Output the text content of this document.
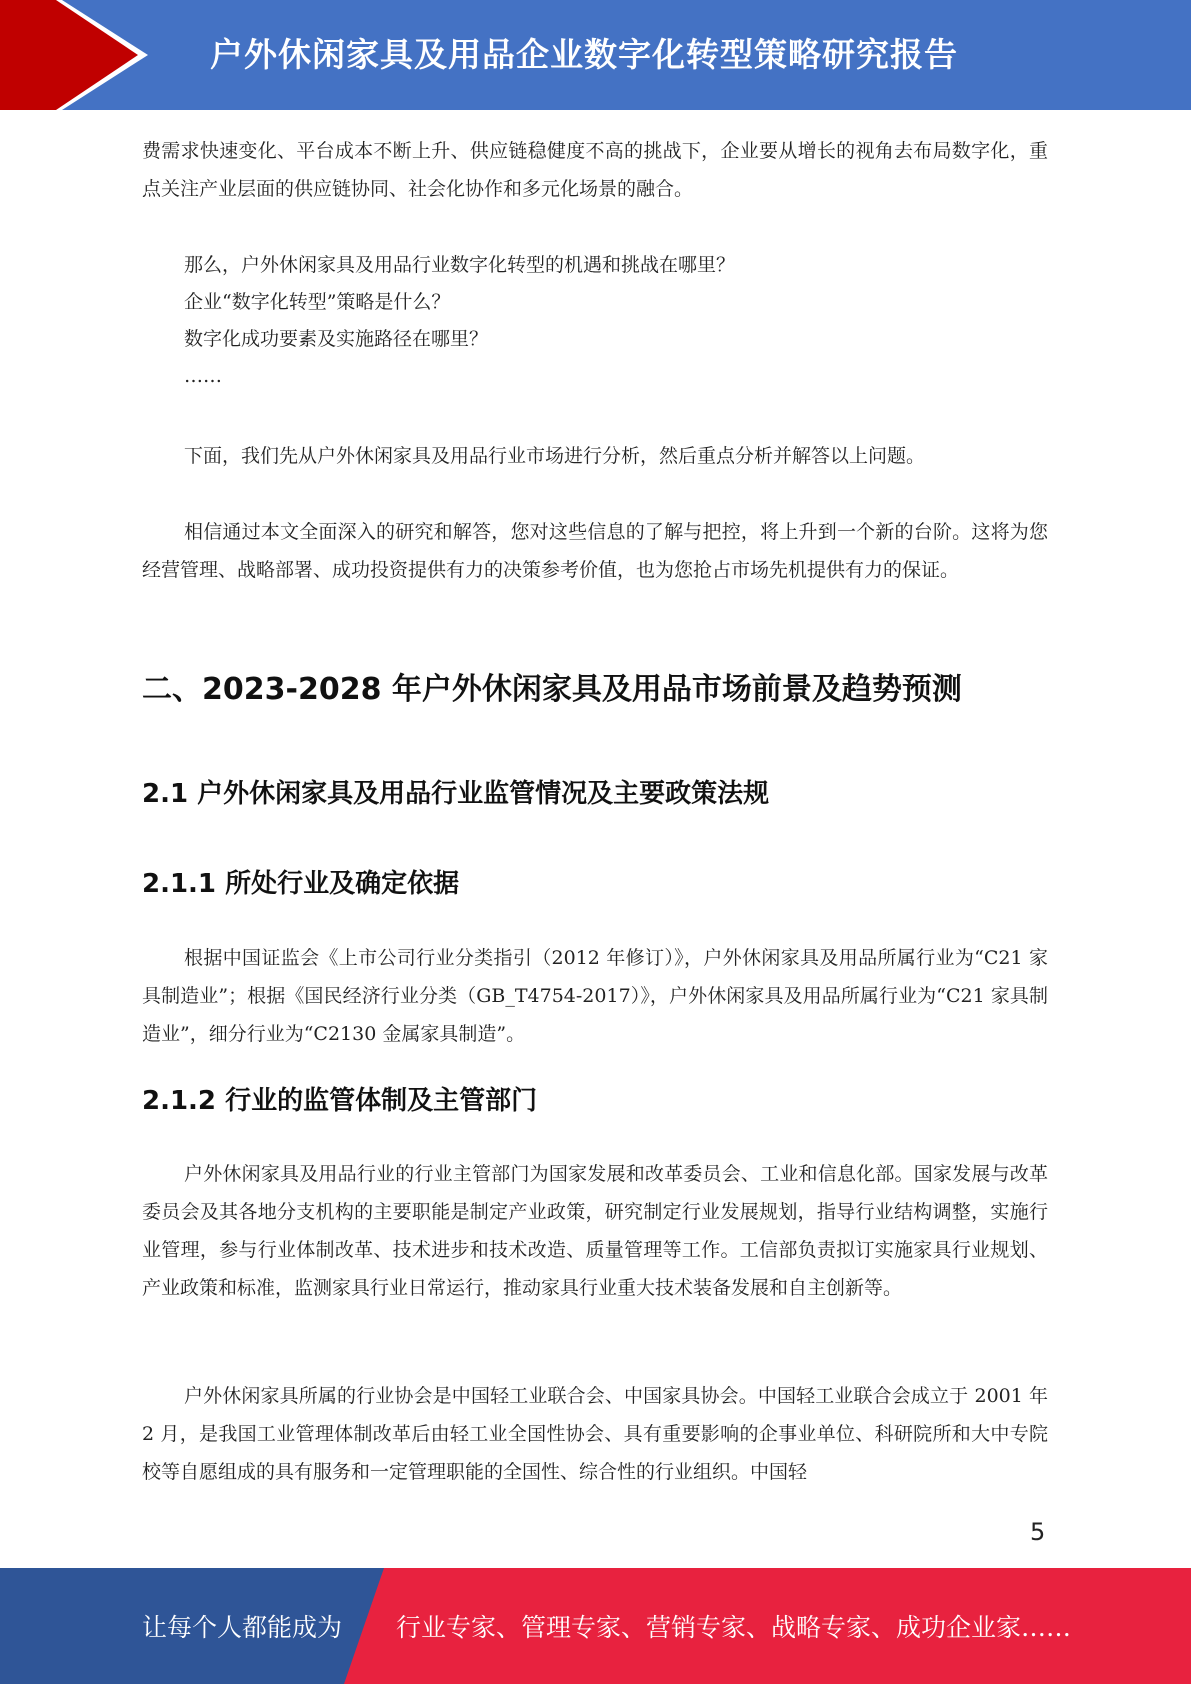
户外休闲家具及用品企业数字化转型策略研究报告

费需求快速变化、平台成本不断上升、供应链稳健度不高的挑战下，企业要从增长的视角去布局数字化，重点关注产业层面的供应链协同、社会化协作和多元化场景的融合。

那么，户外休闲家具及用品行业数字化转型的机遇和挑战在哪里？

企业“数字化转型”策略是什么？

数字化成功要素及实施路径在哪里？

……

下面，我们先从户外休闲家具及用品行业市场进行分析，然后重点分析并解答以上问题。

相信通过本文全面深入的研究和解答，您对这些信息的了解与把控，将上升到一个新的台阶。这将为您经营管理、战略部署、成功投资提供有力的决策参考价值，也为您抢占市场先机提供有力的保证。

二、2023-2028 年户外休闲家具及用品市场前景及趋势预测
2.1 户外休闲家具及用品行业监管情况及主要政策法规
2.1.1 所处行业及确定依据

根据中国证监会《上市公司行业分类指引（2012 年修订）》，户外休闲家具及用品所属行业为“C21 家具制造业”；根据《国民经济行业分类（GB_T4754-2017）》，户外休闲家具及用品所属行业为“C21 家具制造业”，细分行业为“C2130 金属家具制造”。

2.1.2 行业的监管体制及主管部门

户外休闲家具及用品行业的行业主管部门为国家发展和改革委员会、工业和信息化部。国家发展与改革委员会及其各地分支机构的主要职能是制定产业政策，研究制定行业发展规划，指导行业结构调整，实施行业管理，参与行业体制改革、技术进步和技术改造、质量管理等工作。工信部负责拟订实施家具行业规划、产业政策和标准，监测家具行业日常运行，推动家具行业重大技术装备发展和自主创新等。

户外休闲家具所属的行业协会是中国轻工业联合会、中国家具协会。中国轻工业联合会成立于 2001 年 2 月，是我国工业管理体制改革后由轻工业全国性协会、具有重要影响的企事业单位、科研院所和大中专院校等自愿组成的具有服务和一定管理职能的全国性、综合性的行业组织。中国轻

5
让每个人都能成为 行业专家、管理专家、营销专家、战略专家、成功企业家……
